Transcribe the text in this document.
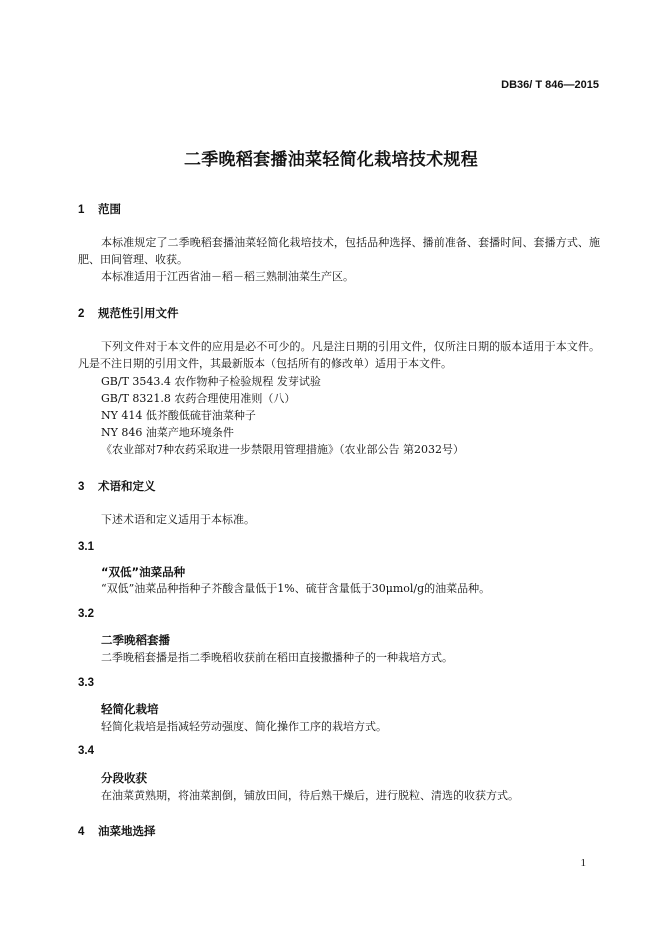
DB36/ T 846—2015
二季晚稻套播油菜轻简化栽培技术规程
1 范围
本标准规定了二季晚稻套播油菜轻简化栽培技术，包括品种选择、播前准备、套播时间、套播方式、施肥、田间管理、收获。
本标准适用于江西省油－稻－稻三熟制油菜生产区。
2 规范性引用文件
下列文件对于本文件的应用是必不可少的。凡是注日期的引用文件，仅所注日期的版本适用于本文件。凡是不注日期的引用文件，其最新版本（包括所有的修改单）适用于本文件。
GB/T 3543.4 农作物种子检验规程 发芽试验
GB/T 8321.8 农药合理使用准则（八）
NY 414 低芥酸低硫苷油菜种子
NY 846 油菜产地环境条件
《农业部对7种农药采取进一步禁限用管理措施》（农业部公告 第2032号）
3 术语和定义
下述术语和定义适用于本标准。
3.1
“双低”油菜品种
“双低”油菜品种指种子芥酸含量低于1%、硫苷含量低于30μmol/g的油菜品种。
3.2
二季晚稻套播
二季晚稻套播是指二季晚稻收获前在稻田直接撒播种子的一种栽培方式。
3.3
轻简化栽培
轻简化栽培是指减轻劳动强度、简化操作工序的栽培方式。
3.4
分段收获
在油菜黄熟期，将油菜割倒，铺放田间，待后熟干燥后，进行脱粒、清选的收获方式。
4 油菜地选择
1
